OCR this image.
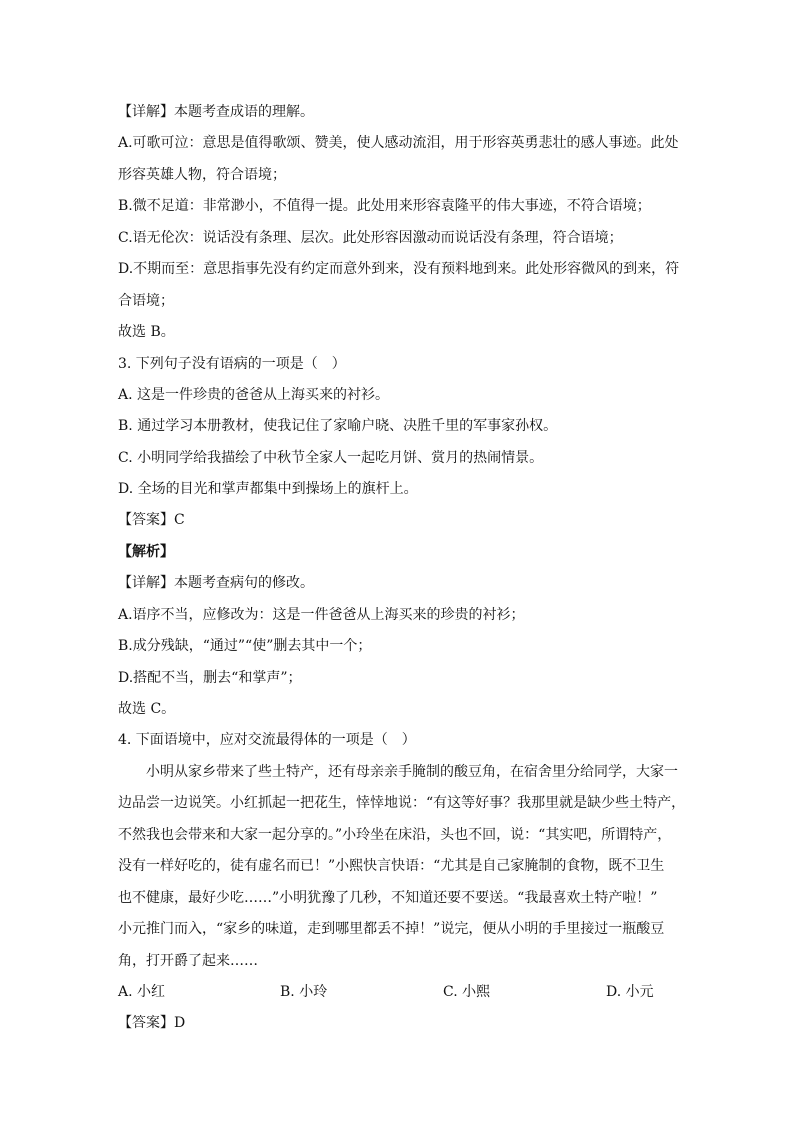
【详解】本题考查成语的理解。
A.可歌可泣：意思是值得歌颂、赞美，使人感动流泪，用于形容英勇悲壮的感人事迹。此处
形容英雄人物，符合语境；
B.微不足道：非常渺小，不值得一提。此处用来形容袁隆平的伟大事迹，不符合语境；
C.语无伦次：说话没有条理、层次。此处形容因激动而说话没有条理，符合语境；
D.不期而至：意思指事先没有约定而意外到来，没有预料地到来。此处形容微风的到来，符
合语境；
故选 B。
3. 下列句子没有语病的一项是（　）
A. 这是一件珍贵的爸爸从上海买来的衬衫。
B. 通过学习本册教材，使我记住了家喻户晓、决胜千里的军事家孙权。
C. 小明同学给我描绘了中秋节全家人一起吃月饼、赏月的热闹情景。
D. 全场的目光和掌声都集中到操场上的旗杆上。
【答案】C
【解析】
【详解】本题考查病句的修改。
A.语序不当，应修改为：这是一件爸爸从上海买来的珍贵的衬衫；
B.成分残缺，“通过”“使”删去其中一个；
D.搭配不当，删去“和掌声”；
故选 C。
4. 下面语境中，应对交流最得体的一项是（　）
　　小明从家乡带来了些土特产，还有母亲亲手腌制的酸豆角，在宿舍里分给同学，大家一
边品尝一边说笑。小红抓起一把花生，悻悻地说：“有这等好事？我那里就是缺少些土特产，
不然我也会带来和大家一起分享的。”小玲坐在床沿，头也不回，说：“其实吧，所谓特产，
没有一样好吃的，徒有虚名而已！”小熙快言快语：“尤其是自己家腌制的食物，既不卫生
也不健康，最好少吃……”小明犹豫了几秒，不知道还要不要送。“我最喜欢土特产啦！”
小元推门而入，“家乡的味道，走到哪里都丢不掉！”说完，便从小明的手里接过一瓶酸豆
角，打开爵了起来……
A. 小红	B. 小玲	C. 小熙	D. 小元
【答案】D
